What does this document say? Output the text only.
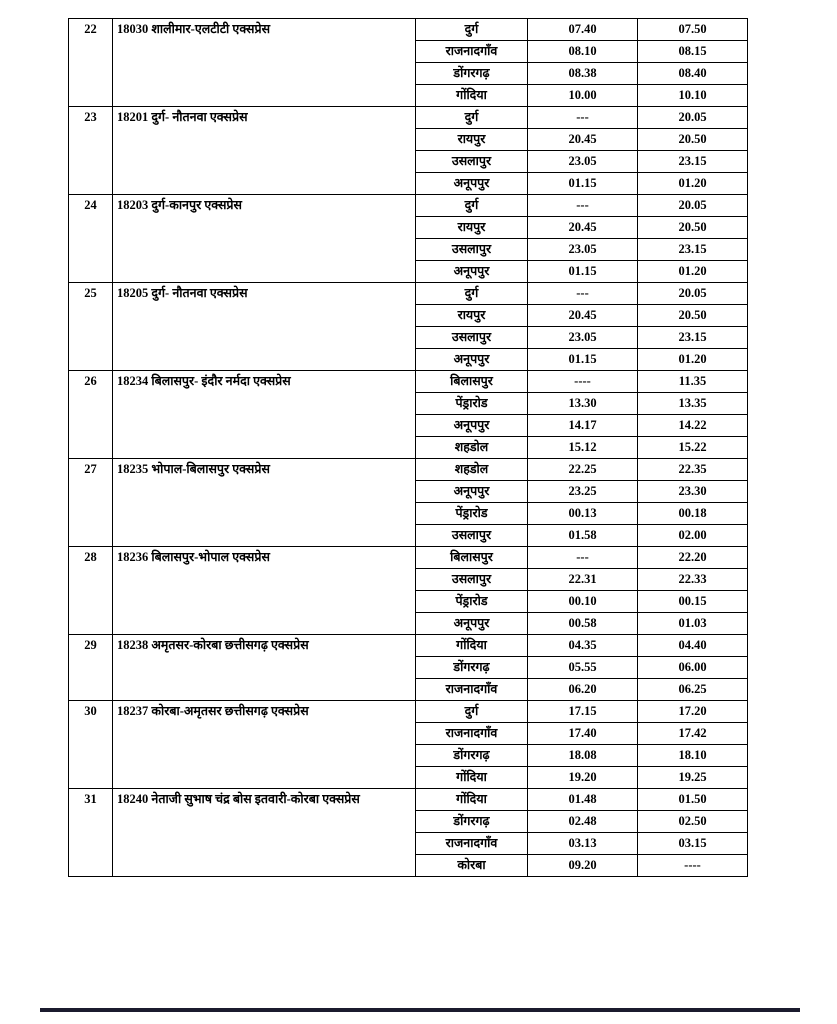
22	18030 शालीमार-एलटीटी एक्सप्रेस	दुर्ग	07.40	07.50
		राजनादगाँव	08.10	08.15
		डोंगरगढ़	08.38	08.40
		गोंदिया	10.00	10.10
23	18201 दुर्ग- नौतनवा एक्सप्रेस	दुर्ग	---	20.05
		रायपुर	20.45	20.50
		उसलापुर	23.05	23.15
		अनूपपुर	01.15	01.20
24	18203 दुर्ग-कानपुर एक्सप्रेस	दुर्ग	---	20.05
		रायपुर	20.45	20.50
		उसलापुर	23.05	23.15
		अनूपपुर	01.15	01.20
25	18205 दुर्ग- नौतनवा एक्सप्रेस	दुर्ग	---	20.05
		रायपुर	20.45	20.50
		उसलापुर	23.05	23.15
		अनूपपुर	01.15	01.20
26	18234 बिलासपुर- इंदौर नर्मदा एक्सप्रेस	बिलासपुर	----	11.35
		पेंड्रारोड	13.30	13.35
		अनूपपुर	14.17	14.22
		शहडोल	15.12	15.22
27	18235 भोपाल-बिलासपुर एक्सप्रेस	शहडोल	22.25	22.35
		अनूपपुर	23.25	23.30
		पेंड्रारोड	00.13	00.18
		उसलापुर	01.58	02.00
28	18236 बिलासपुर-भोपाल एक्सप्रेस	बिलासपुर	---	22.20
		उसलापुर	22.31	22.33
		पेंड्रारोड	00.10	00.15
		अनूपपुर	00.58	01.03
29	18238 अमृतसर-कोरबा छत्तीसगढ़ एक्सप्रेस	गोंदिया	04.35	04.40
		डोंगरगढ़	05.55	06.00
		राजनादगाँव	06.20	06.25
30	18237 कोरबा-अमृतसर छत्तीसगढ़ एक्सप्रेस	दुर्ग	17.15	17.20
		राजनादगाँव	17.40	17.42
		डोंगरगढ़	18.08	18.10
		गोंदिया	19.20	19.25
31	18240 नेताजी सुभाष चंद्र बोस इतवारी-कोरबा एक्सप्रेस	गोंदिया	01.48	01.50
		डोंगरगढ़	02.48	02.50
		राजनादगाँव	03.13	03.15
		कोरबा	09.20	----
